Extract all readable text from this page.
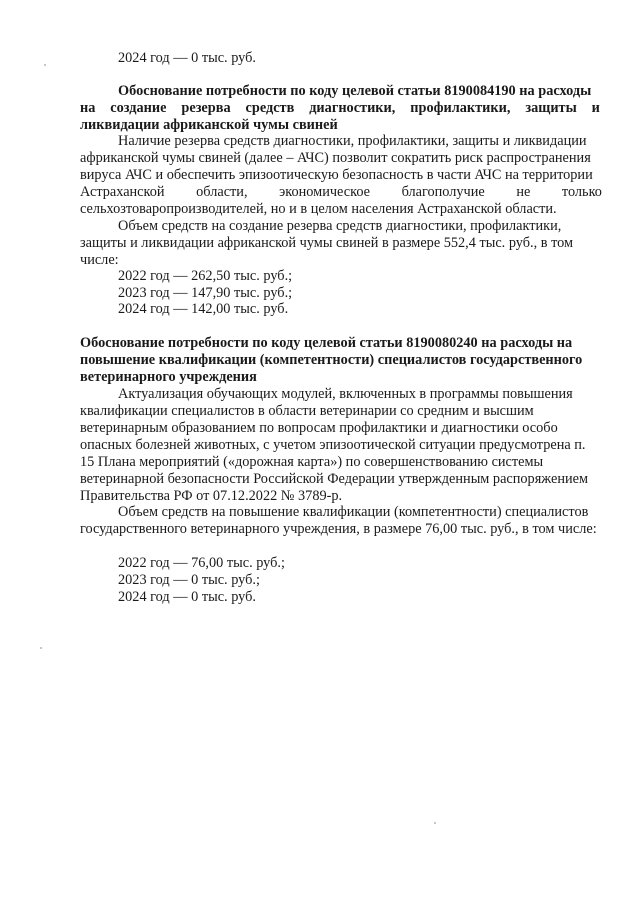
2024 год — 0 тыс. руб.
Обоснование потребности по коду целевой статьи 8190084190 на расходы
на создание резерва средств диагностики, профилактики, защиты и
ликвидации африканской чумы свиней
Наличие резерва средств диагностики, профилактики, защиты и ликвидации
африканской чумы свиней (далее – АЧС) позволит сократить риск распространения
вируса АЧС и обеспечить эпизоотическую безопасность в части АЧС на территории
Астраханской области, экономическое благополучие не только
сельхозтоваропроизводителей, но и в целом населения Астраханской области.
Объем средств на создание резерва средств диагностики, профилактики,
защиты и ликвидации африканской чумы свиней в размере 552,4 тыс. руб., в том
числе:
2022 год — 262,50 тыс. руб.;
2023 год — 147,90 тыс. руб.;
2024 год — 142,00 тыс. руб.
Обоснование потребности по коду целевой статьи 8190080240 на расходы на
повышение квалификации (компетентности) специалистов государственного
ветеринарного учреждения
Актуализация обучающих модулей, включенных в программы повышения
квалификации специалистов в области ветеринарии со средним и высшим
ветеринарным образованием по вопросам профилактики и диагностики особо
опасных болезней животных, с учетом эпизоотической ситуации предусмотрена п.
15 Плана мероприятий («дорожная карта») по совершенствованию системы
ветеринарной безопасности Российской Федерации утвержденным распоряжением
Правительства РФ от 07.12.2022 № 3789-р.
Объем средств на повышение квалификации (компетентности) специалистов
государственного ветеринарного учреждения, в размере 76,00 тыс. руб., в том числе:
2022 год — 76,00 тыс. руб.;
2023 год — 0 тыс. руб.;
2024 год — 0 тыс. руб.
